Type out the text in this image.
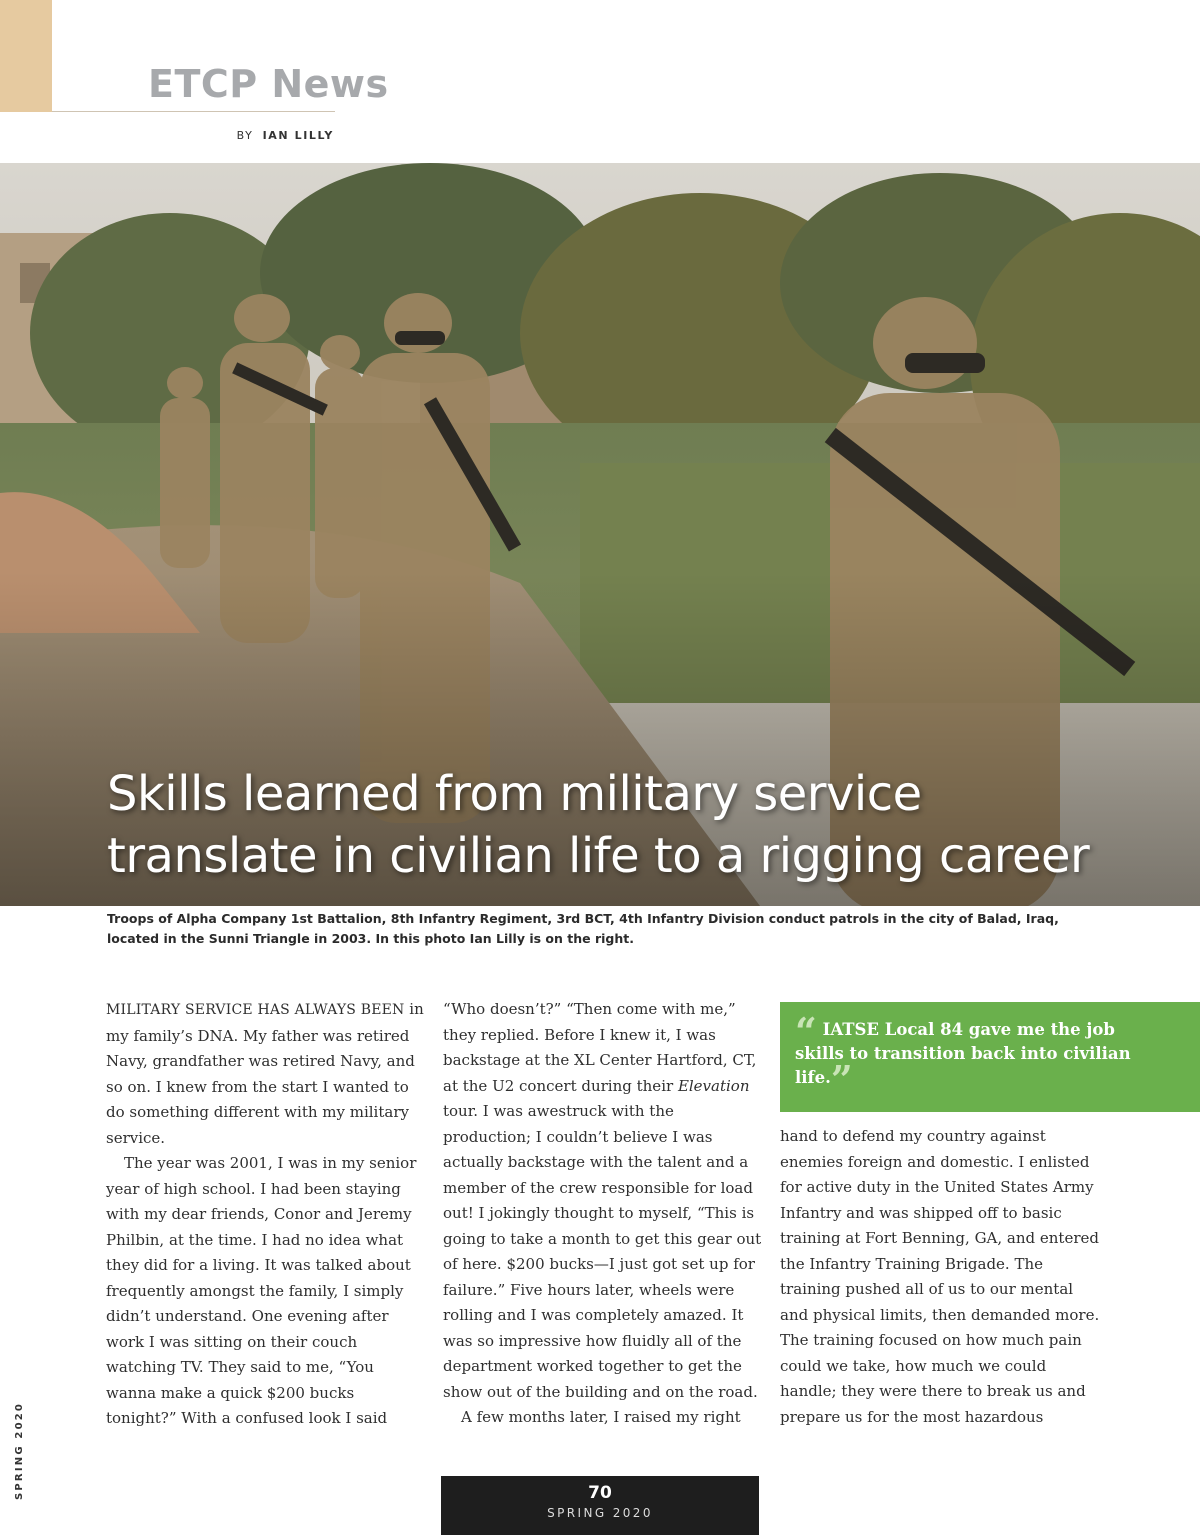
ETCP News
BY IAN LILLY
Skills learned from military service
translate in civilian life to a rigging career
Troops of Alpha Company 1st Battalion, 8th Infantry Regiment, 3rd BCT, 4th Infantry Division conduct patrols in the city of Balad, Iraq, located in the Sunni Triangle in 2003. In this photo Ian Lilly is on the right.

MILITARY SERVICE HAS ALWAYS BEEN in my family’s DNA. My father was retired Navy, grandfather was retired Navy, and so on. I knew from the start I wanted to do something different with my military service.

The year was 2001, I was in my senior year of high school. I had been staying with my dear friends, Conor and Jeremy Philbin, at the time. I had no idea what they did for a living. It was talked about frequently amongst the family, I simply didn’t understand. One evening after work I was sitting on their couch watching TV. They said to me, “You wanna make a quick $200 bucks tonight?” With a confused look I said

“Who doesn’t?” “Then come with me,” they replied. Before I knew it, I was backstage at the XL Center Hartford, CT, at the U2 concert during their Elevation tour. I was awestruck with the production; I couldn’t believe I was actually backstage with the talent and a member of the crew responsible for load out! I jokingly thought to myself, “This is going to take a month to get this gear out of here. $200 bucks—I just got set up for failure.” Five hours later, wheels were rolling and I was completely amazed. It was so impressive how fluidly all of the department worked together to get the show out of the building and on the road.

A few months later, I raised my right

“ IATSE Local 84 gave me the job skills to transition back into civilian life.”

hand to defend my country against enemies foreign and domestic. I enlisted for active duty in the United States Army Infantry and was shipped off to basic training at Fort Benning, GA, and entered the Infantry Training Brigade. The training pushed all of us to our mental and physical limits, then demanded more. The training focused on how much pain could we take, how much we could handle; they were there to break us and prepare us for the most hazardous

SPRING 2020	70
SPRING 2020
